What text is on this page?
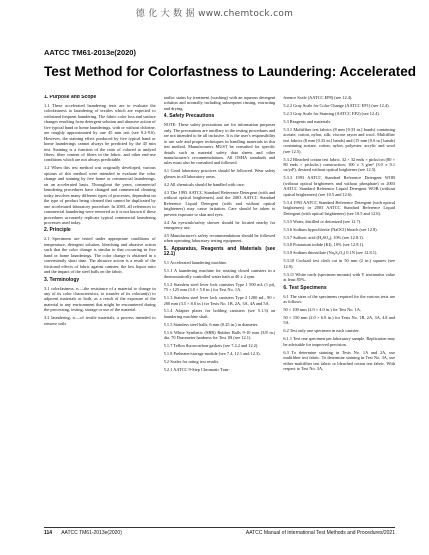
德 化 大 数 据 www.chemtock.com
AATCC TM61-2013e(2020)
Test Method for Colorfastness to Laundering: Accelerated
1. Purpose and Scope
1.1 These accelerated laundering tests are to evaluate the colorfastness to laundering of textiles which are expected to withstand frequent laundering. The fabric color loss and surface changes resulting from detergent solution and abrasive action of five typical hand or home launderings, with or without chlorine, are roughly approximated by one 45 min test (see 9.2-9.6). However, the staining effect produced by five typical hand or home launderings cannot always be predicted by the 45 min test. Staining is a function of the ratio of colored to undyed fibers, fiber content of fibers in the fabric, and other end-use conditions which are not always predictable.
1.2 When this test method was originally developed, various options of this method were intended to evaluate the color change and staining by five home or commercial launderings, on an accelerated basis. Throughout the years, commercial laundering procedures have changed and commercial cleaning today involves many different types of processes, dependent on the type of product being cleaned that cannot be duplicated by one accelerated laboratory procedure. In 2003, all references to commercial laundering were removed as it is not known if these procedures accurately replicate typical commercial laundering processes used today.
2. Principle
2.1 Specimens are tested under appropriate conditions of temperature, detergent solution, bleaching and abrasive action such that the color change is similar to that occurring in five hand or home launderings. The color change is obtained in a conveniently short time. The abrasive action is a result of the frictional effects of fabric against canister, the low liquor ratio and the impact of the steel balls on the fabric.
3. Terminology
3.1 colorfastness, n.—the resistance of a material to change in any of its color characteristics, to transfer of its colorant(s) to adjacent materials or both, as a result of the exposure of the material to any environment that might be encountered during the processing, testing, storage or use of the material.
3.2 laundering, n.—of textile materials, a process intended to remove soils
and/or stains by treatment (washing) with an aqueous detergent solution and normally including subsequent rinsing, extracting and drying.
4. Safety Precautions
NOTE: These safety precautions are for information purposes only. The precautions are ancillary to the testing procedures and are not intended to be all inclusive. It is the user's responsibility to use safe and proper techniques in handling materials in this test method. Manufacturers MUST be consulted for specific details such as material safety data sheets and other manufacturer's recommendations. All OSHA standards and rules must also be consulted and followed.
4.1 Good laboratory practices should be followed. Wear safety glasses in all laboratory areas.
4.2 All chemicals should be handled with care.
4.3 The 1993 AATCC Standard Reference Detergent (with and without optical brighteners) and the 2003 AATCC Standard Reference Liquid Detergent (with and without optical brighteners) may cause irritation. Care should be taken to prevent exposure to skin and eyes.
4.4 An eyewash/safety shower should be located nearby for emergency use.
4.5 Manufacturer's safety recommendations should be followed when operating laboratory testing equipment.
5. Apparatus, Reagents and Materials (see 12.1)
5.1 Accelerated laundering machine.
5.1.1 A laundering machine for rotating closed canisters in a thermostatically controlled water bath at 40 ± 2 rpm.
5.1.2 Stainless steel lever lock canisters Type 1 500 mL (1 pt), 75 × 125 mm (3.0 × 5.0 in.) for Test No. 1A.
5.1.3 Stainless steel lever lock canisters Type 2 1200 mL, 90 × 200 mm (3.5 × 8.0 in.) for Tests No. 1B, 2A, 3A, 4A and 5A.
5.1.4 Adapter plates for holding canisters (see 5.1.3) on laundering machine shaft.
5.1.5 Stainless steel balls, 6 mm (0.25 in.) in diameter.
5.1.6 White Synthetic (SBR) Rubber Balls 9-10 mm (3/8 in.) dia. 70 Durometer hardness for Test 1B (see 12.1).
5.1.7 Teflon fluorocarbon gaskets (see 7.4.2 and 12.2).
5.1.8 Preheater/storage module (see 7.4, 12.1 and 12.3).
5.2 Scales for rating test results.
5.2.1 AATCC 9-Step Chromatic Tran-
ference Scale (AATCC EP8) (see 12.4).
5.2.2 Gray Scale for Color Change (AATCC EP1) (see 12.4).
5.2.3 Gray Scale for Staining (AATCC EP2) (see 12.4).
5.3 Reagents and materials.
5.3.1 Multifiber test fabrics (8 mm [0.33 in.] bands) containing acetate, cotton, nylon, silk, viscose rayon and wool. Multifiber test fabrics (8 mm [0.33 in.] bands) and (15 mm [0.6 in.] bands) containing acetate, cotton, nylon, polyester, acrylic and wool (see 12.5).
5.3.2 Bleached cotton test fabric, 32 × 32 ends × picks/cm (80 × 80 ends × picks/in.) construction; 100 ± 3 g/m² (3.0 ± 0.1 oz/yd²), desized without optical brightener (see 12.5).
5.3.3 1993 AATCC Standard Reference Detergent WOB (without optical brighteners and without phosphate) or 2003 AATCC Standard Reference Liquid Detergent WOB (without optical brighteners) (see 10.5 and 12.6).
5.3.4 1993 AATCC Standard Reference Detergent (with optical brighteners) or 2003 AATCC Standard Reference Liquid Detergent (with optical brighteners) (see 10.5 and 12.6).
5.3.5 Water, distilled or deionized (see 12.7).
5.3.6 Sodium hypochlorite (NaOCl) bleach (see 12.8).
5.3.7 Sulfuric acid (H₂SO₄), 10% (see 12.8.1).
5.3.8 Potassium iodide (KI), 10% (see 12.8.1).
5.3.9 Sodium thiosulfate (Na₂S₂O₃) 0.1N (see 12.8.1).
5.3.10 Cocktail test cloth cut in 50 mm (2 in.) squares (see 12.9).
5.3.11 White cards (specimen mounts) with Y tristimulus value at least 85%.
6. Test Specimens
6.1 The sizes of the specimens required for the various tests are as follows:
50 × 100 mm (2.0 × 4.0 in.) for Test No. 1A,
50 × 150 mm (2.0 × 6.0 in.) for Tests No. 1B, 2A, 3A, 4A and 5A.
6.2 Test only one specimen in each canister.
6.1.1 Test one specimen per laboratory sample. Replication may be advisable for improved precision.
6.3 To determine staining in Tests No. 1A and 2A, use multifiber test fabric. To determine staining in Test No. 3A, use either multifiber test fabric or bleached cotton test fabric. With respect to Test No. 3A,
114 AATCC TM61-2013e(2020)	AATCC Manual of International Test Methods and Procedures/2021
